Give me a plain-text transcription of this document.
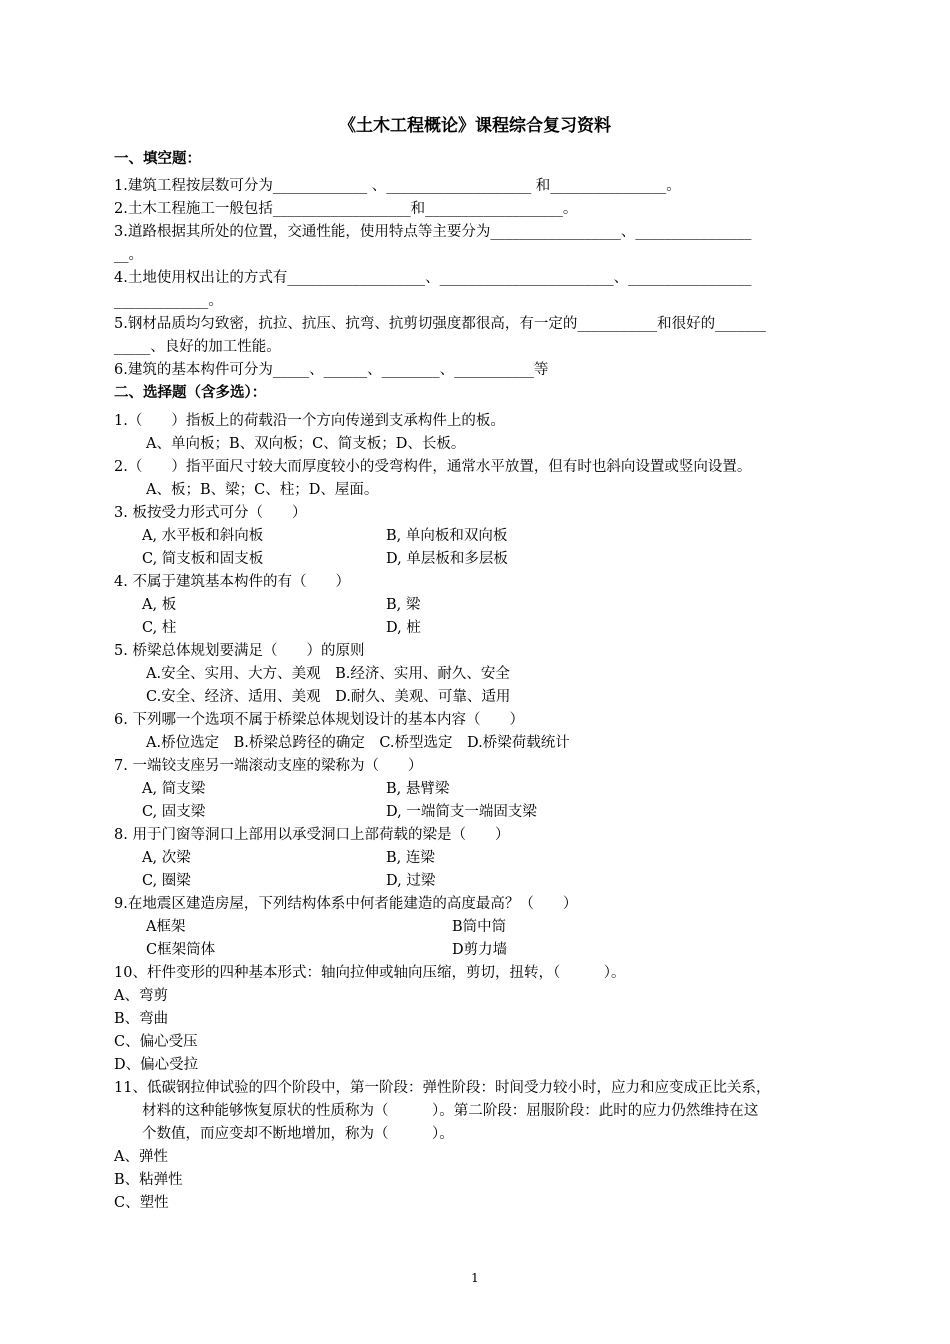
《土木工程概论》课程综合复习资料
一、填空题：
1.建筑工程按层数可分为_____________ 、____________________ 和________________。
2.土木工程施工一般包括___________________和___________________。
3.道路根据其所处的位置，交通性能，使用特点等主要分为__________________、________________
__。
4.土地使用权出让的方式有___________________、________________________、_________________
_____________。
5.钢材品质均匀致密，抗拉、抗压、抗弯、抗剪切强度都很高，有一定的___________和很好的_______
_____、良好的加工性能。
6.建筑的基本构件可分为_____、______、________、___________等
二、选择题（含多选）：
1.（　　）指板上的荷载沿一个方向传递到支承构件上的板。
A、单向板；B、双向板；C、简支板；D、长板。
2.（　　）指平面尺寸较大而厚度较小的受弯构件，通常水平放置，但有时也斜向设置或竖向设置。
A、板；B、梁；C、柱；D、屋面。
3. 板按受力形式可分（　　）
A, 水平板和斜向板	B, 单向板和双向板
C, 简支板和固支板	D, 单层板和多层板
4. 不属于建筑基本构件的有（　　）
A, 板	B, 梁
C, 柱	D, 桩
5. 桥梁总体规划要满足（　　）的原则
A.安全、实用、大方、美观　B.经济、实用、耐久、安全
C.安全、经济、适用、美观　D.耐久、美观、可靠、适用
6. 下列哪一个选项不属于桥梁总体规划设计的基本内容（　　）
A.桥位选定　B.桥梁总跨径的确定　C.桥型选定　D.桥梁荷载统计
7. 一端铰支座另一端滚动支座的梁称为（　　）
A, 简支梁	B, 悬臂梁
C, 固支梁	D, 一端简支一端固支梁
8. 用于门窗等洞口上部用以承受洞口上部荷载的梁是（　　）
A, 次梁	B, 连梁
C, 圈梁	D, 过梁
9.在地震区建造房屋，下列结构体系中何者能建造的高度最高？（　　）
A框架	B筒中筒
C框架筒体	D剪力墙
10、杆件变形的四种基本形式：轴向拉伸或轴向压缩，剪切，扭转，（　　　）。
A、弯剪
B、弯曲
C、偏心受压
D、偏心受拉
11、低碳钢拉伸试验的四个阶段中，第一阶段：弹性阶段：时间受力较小时，应力和应变成正比关系，
材料的这种能够恢复原状的性质称为（　　　）。第二阶段：屈服阶段：此时的应力仍然维持在这
个数值，而应变却不断地增加，称为（　　　）。
A、弹性
B、粘弹性
C、塑性
1
